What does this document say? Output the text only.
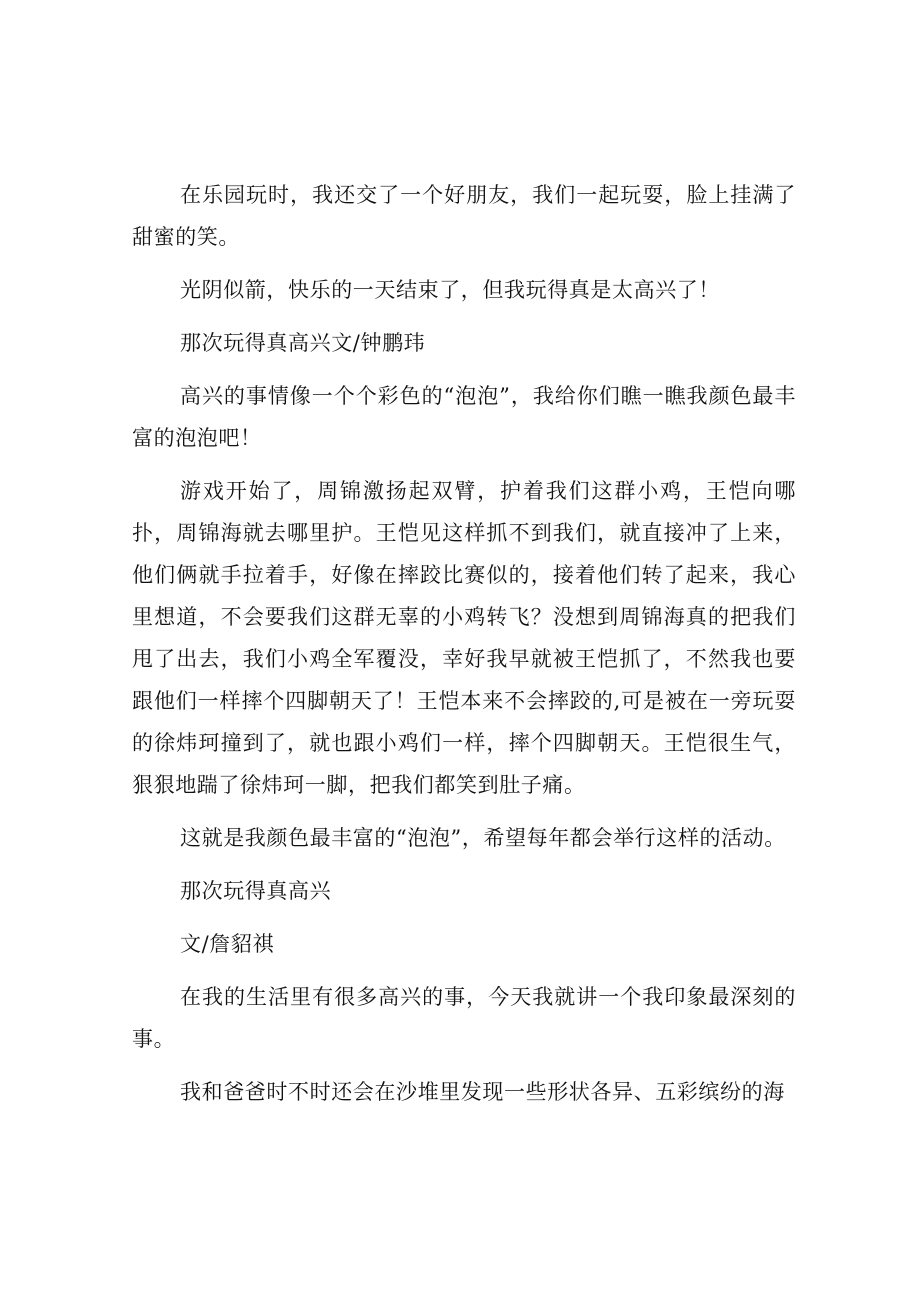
在乐园玩时，我还交了一个好朋友，我们一起玩耍，脸上挂满了甜蜜的笑。

光阴似箭，快乐的一天结束了，但我玩得真是太高兴了！

那次玩得真高兴文/钟鹏玮

高兴的事情像一个个彩色的“泡泡”，我给你们瞧一瞧我颜色最丰富的泡泡吧！

游戏开始了，周锦激扬起双臂，护着我们这群小鸡，王恺向哪扑，周锦海就去哪里护。王恺见这样抓不到我们，就直接冲了上来，他们俩就手拉着手，好像在摔跤比赛似的，接着他们转了起来，我心里想道，不会要我们这群无辜的小鸡转飞？没想到周锦海真的把我们甩了出去，我们小鸡全军覆没，幸好我早就被王恺抓了，不然我也要跟他们一样摔个四脚朝天了！王恺本来不会摔跤的,可是被在一旁玩耍的徐炜珂撞到了，就也跟小鸡们一样，摔个四脚朝天。王恺很生气，狠狠地踹了徐炜珂一脚，把我们都笑到肚子痛。

这就是我颜色最丰富的“泡泡”，希望每年都会举行这样的活动。

那次玩得真高兴

文/詹貂祺

在我的生活里有很多高兴的事，今天我就讲一个我印象最深刻的事。

我和爸爸时不时还会在沙堆里发现一些形状各异、五彩缤纷的海
